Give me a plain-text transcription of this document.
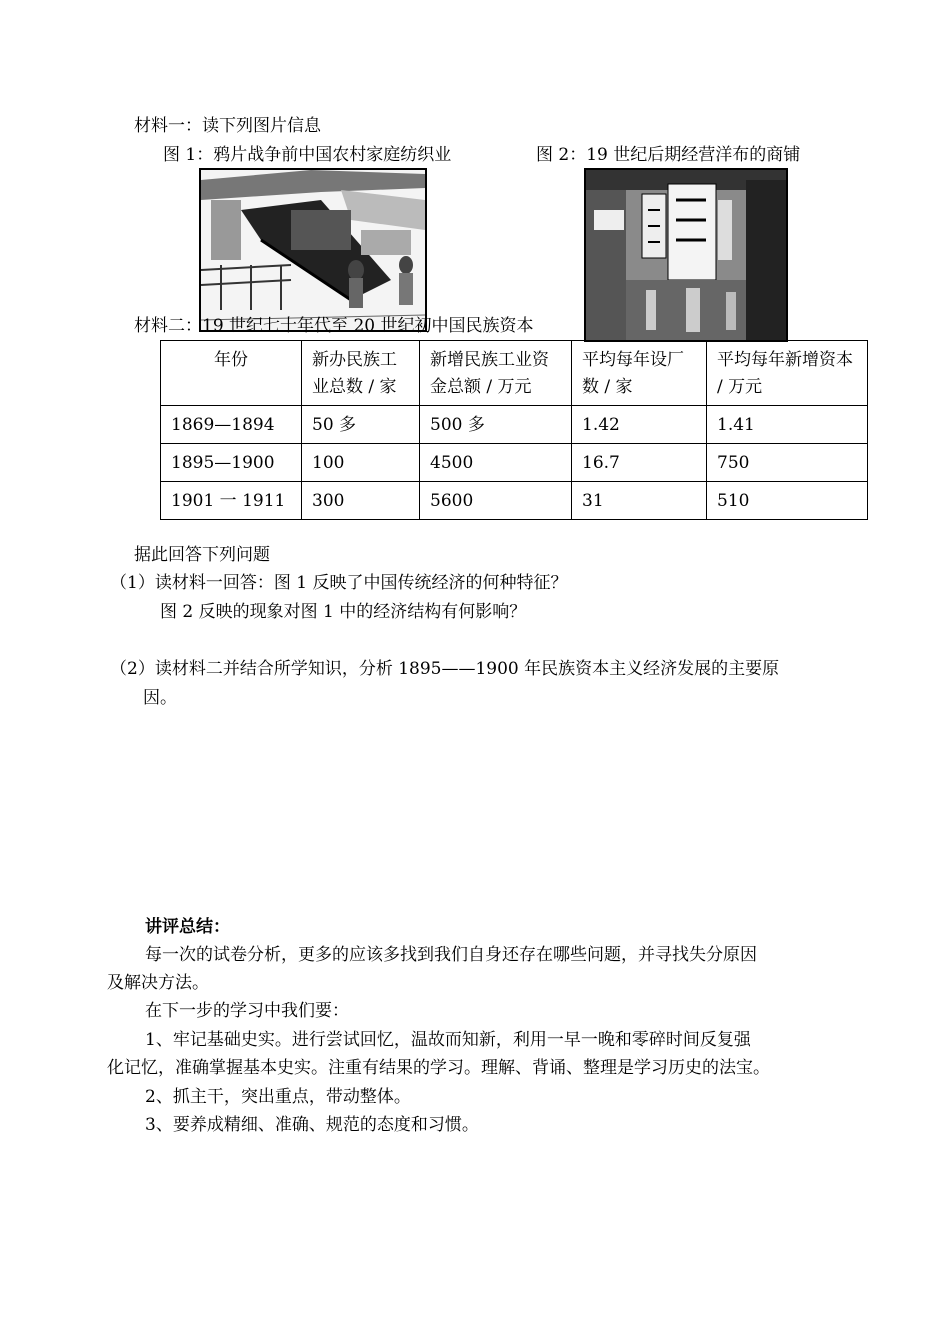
材料一：读下列图片信息
图 1：鸦片战争前中国农村家庭纺织业	图 2：19 世纪后期经营洋布的商铺
材料二：19 世纪七十年代至 20 世纪初中国民族资本
年份	新办民族工业总数 / 家	新增民族工业资金总额 / 万元	平均每年设厂数 / 家	平均每年新增资本 / 万元
1869—1894	50 多	500 多	1.42	1.41
1895—1900	100	4500	16.7	750
1901 一 1911	300	5600	31	510
据此回答下列问题
（1）读材料一回答：图 1 反映了中国传统经济的何种特征？
图 2 反映的现象对图 1 中的经济结构有何影响？
（2）读材料二并结合所学知识，分析 1895——1900 年民族资本主义经济发展的主要原
因。
讲评总结：
每一次的试卷分析，更多的应该多找到我们自身还存在哪些问题，并寻找失分原因
及解决方法。
在下一步的学习中我们要：
1、牢记基础史实。进行尝试回忆，温故而知新，利用一早一晚和零碎时间反复强
化记忆，准确掌握基本史实。注重有结果的学习。理解、背诵、整理是学习历史的法宝。
2、抓主干，突出重点，带动整体。
3、要养成精细、准确、规范的态度和习惯。
